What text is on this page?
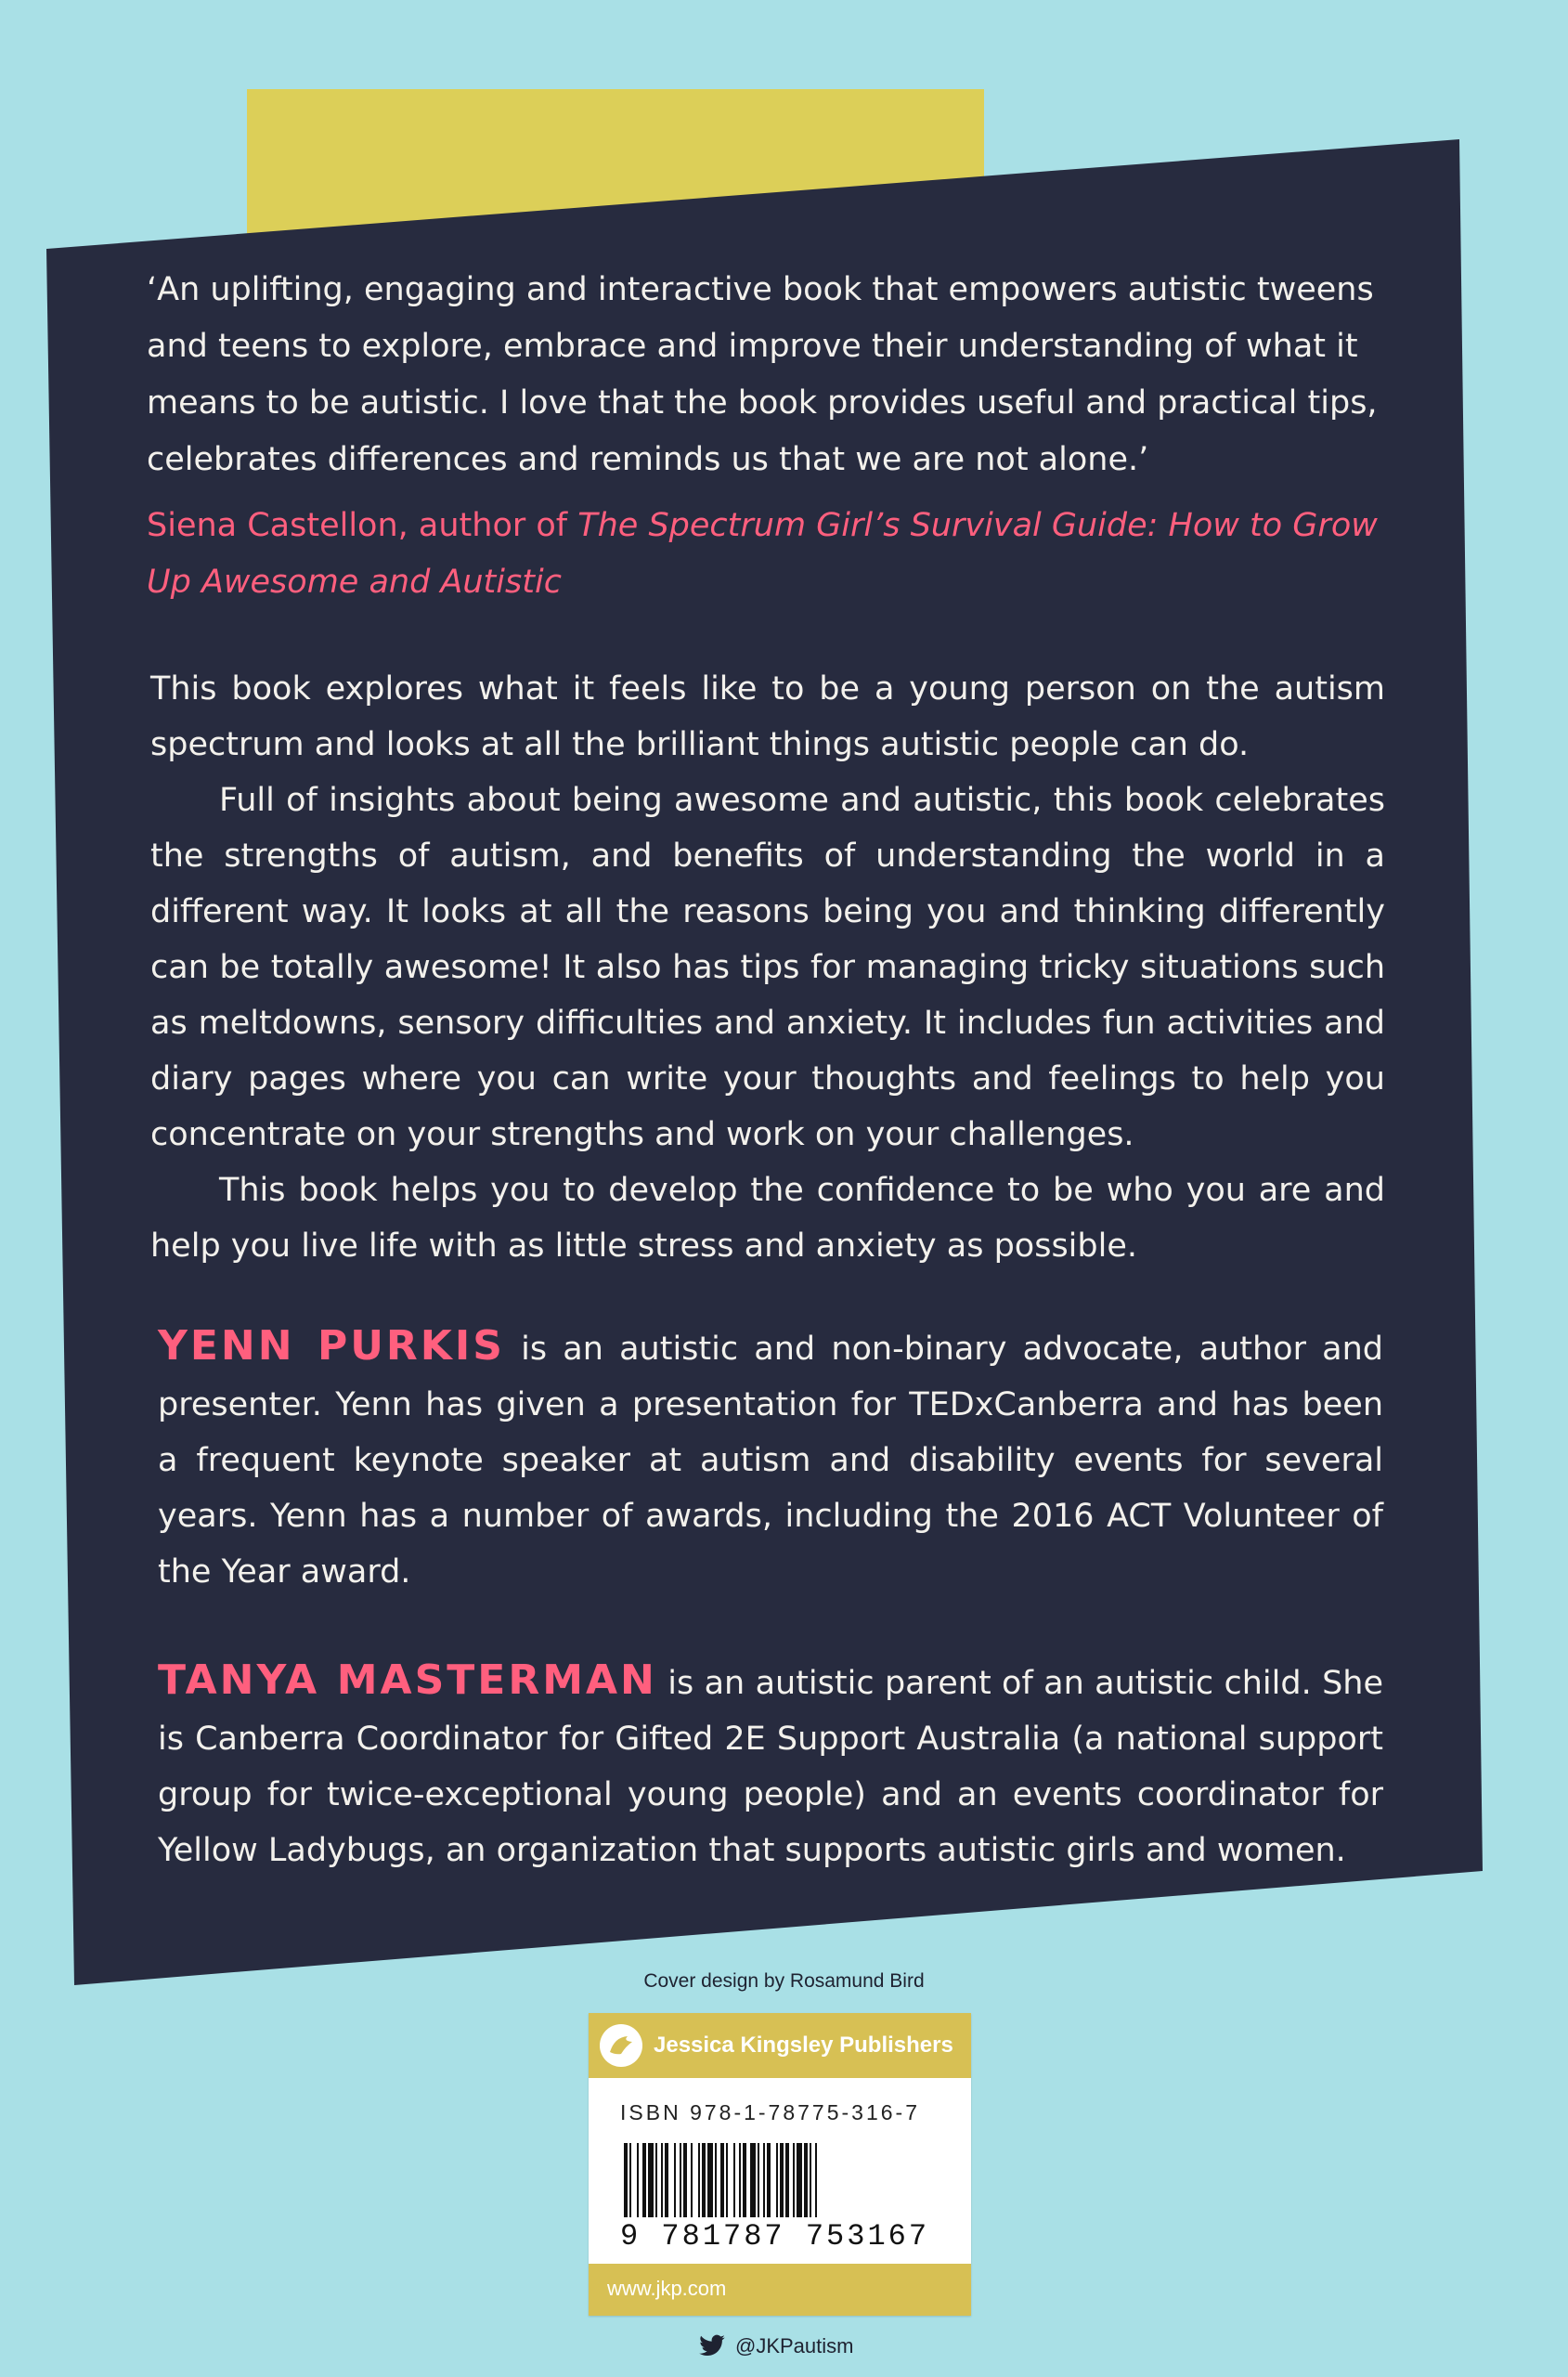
‘An uplifting, engaging and interactive book that empowers autistic tweens and teens to explore, embrace and improve their understanding of what it means to be autistic. I love that the book provides useful and practical tips, celebrates differences and reminds us that we are not alone.’
Siena Castellon, author of The Spectrum Girl’s Survival Guide: How to Grow Up Awesome and Autistic

This book explores what it feels like to be a young person on the autism spectrum and looks at all the brilliant things autistic people can do.

Full of insights about being awesome and autistic, this book celebrates the strengths of autism, and benefits of understanding the world in a different way. It looks at all the reasons being you and thinking differently can be totally awesome! It also has tips for managing tricky situations such as meltdowns, sensory difficulties and anxiety. It includes fun activities and diary pages where you can write your thoughts and feelings to help you concentrate on your strengths and work on your challenges.

This book helps you to develop the confidence to be who you are and help you live life with as little stress and anxiety as possible.

YENN PURKIS is an autistic and non-binary advocate, author and presenter. Yenn has given a presentation for TEDxCanberra and has been a frequent keynote speaker at autism and disability events for several years. Yenn has a number of awards, including the 2016 ACT Volunteer of the Year award.
TANYA MASTERMAN is an autistic parent of an autistic child. She is Canberra Coordinator for Gifted 2E Support Australia (a national support group for twice-exceptional young people) and an events coordinator for Yellow Ladybugs, an organization that supports autistic girls and women.
Cover design by Rosamund Bird
Jessica Kingsley Publishers
ISBN 978-1-78775-316-7
9 781787 753167
www.jkp.com
@JKPautism
